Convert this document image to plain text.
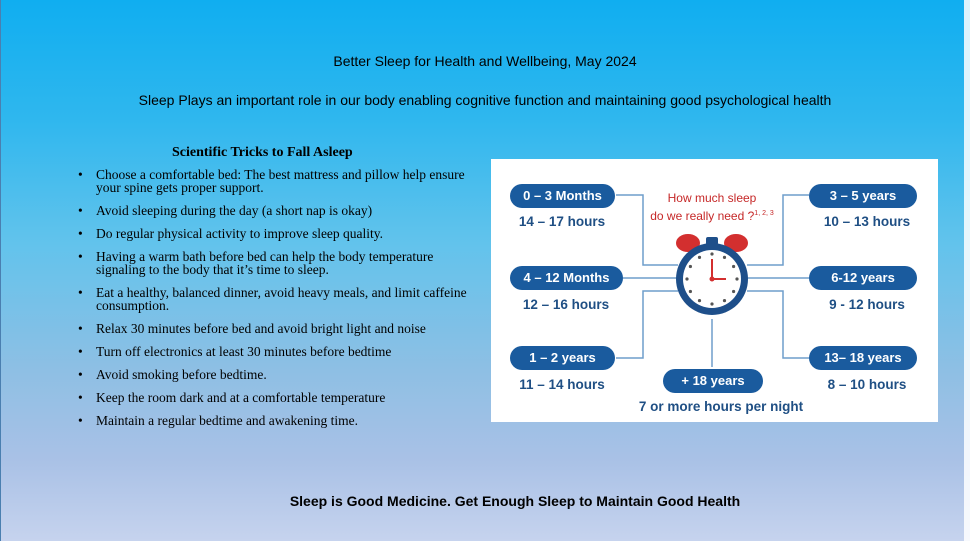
Better Sleep for Health and Wellbeing, May 2024
Sleep Plays an important role in our body enabling cognitive function and maintaining good psychological health
Scientific Tricks to Fall Asleep
• Choose a comfortable bed: The best mattress and pillow help ensure your spine gets proper support.
• Avoid sleeping during the day (a short nap is okay)
• Do regular physical activity to improve sleep quality.
• Having a warm bath before bed can help the body temperature signaling to the body that it’s time to sleep.
• Eat a healthy, balanced dinner, avoid heavy meals, and limit caffeine consumption.
• Relax 30 minutes before bed and avoid bright light and noise
• Turn off electronics at least 30 minutes before bedtime
• Avoid smoking before bedtime.
• Keep the room dark and at a comfortable temperature
• Maintain a regular bedtime and awakening time.
How much sleep
do we really need ?$^{1, 2, 3}$
0 – 3 Months
14 – 17 hours
4 – 12 Months
12 – 16 hours
1 – 2 years
11 – 14 hours
3 – 5 years
10 – 13 hours
6-12 years
9 - 12 hours
13– 18 years
8 – 10 hours
+ 18 years
7 or more hours per night
Sleep is Good Medicine. Get Enough Sleep to Maintain Good Health
